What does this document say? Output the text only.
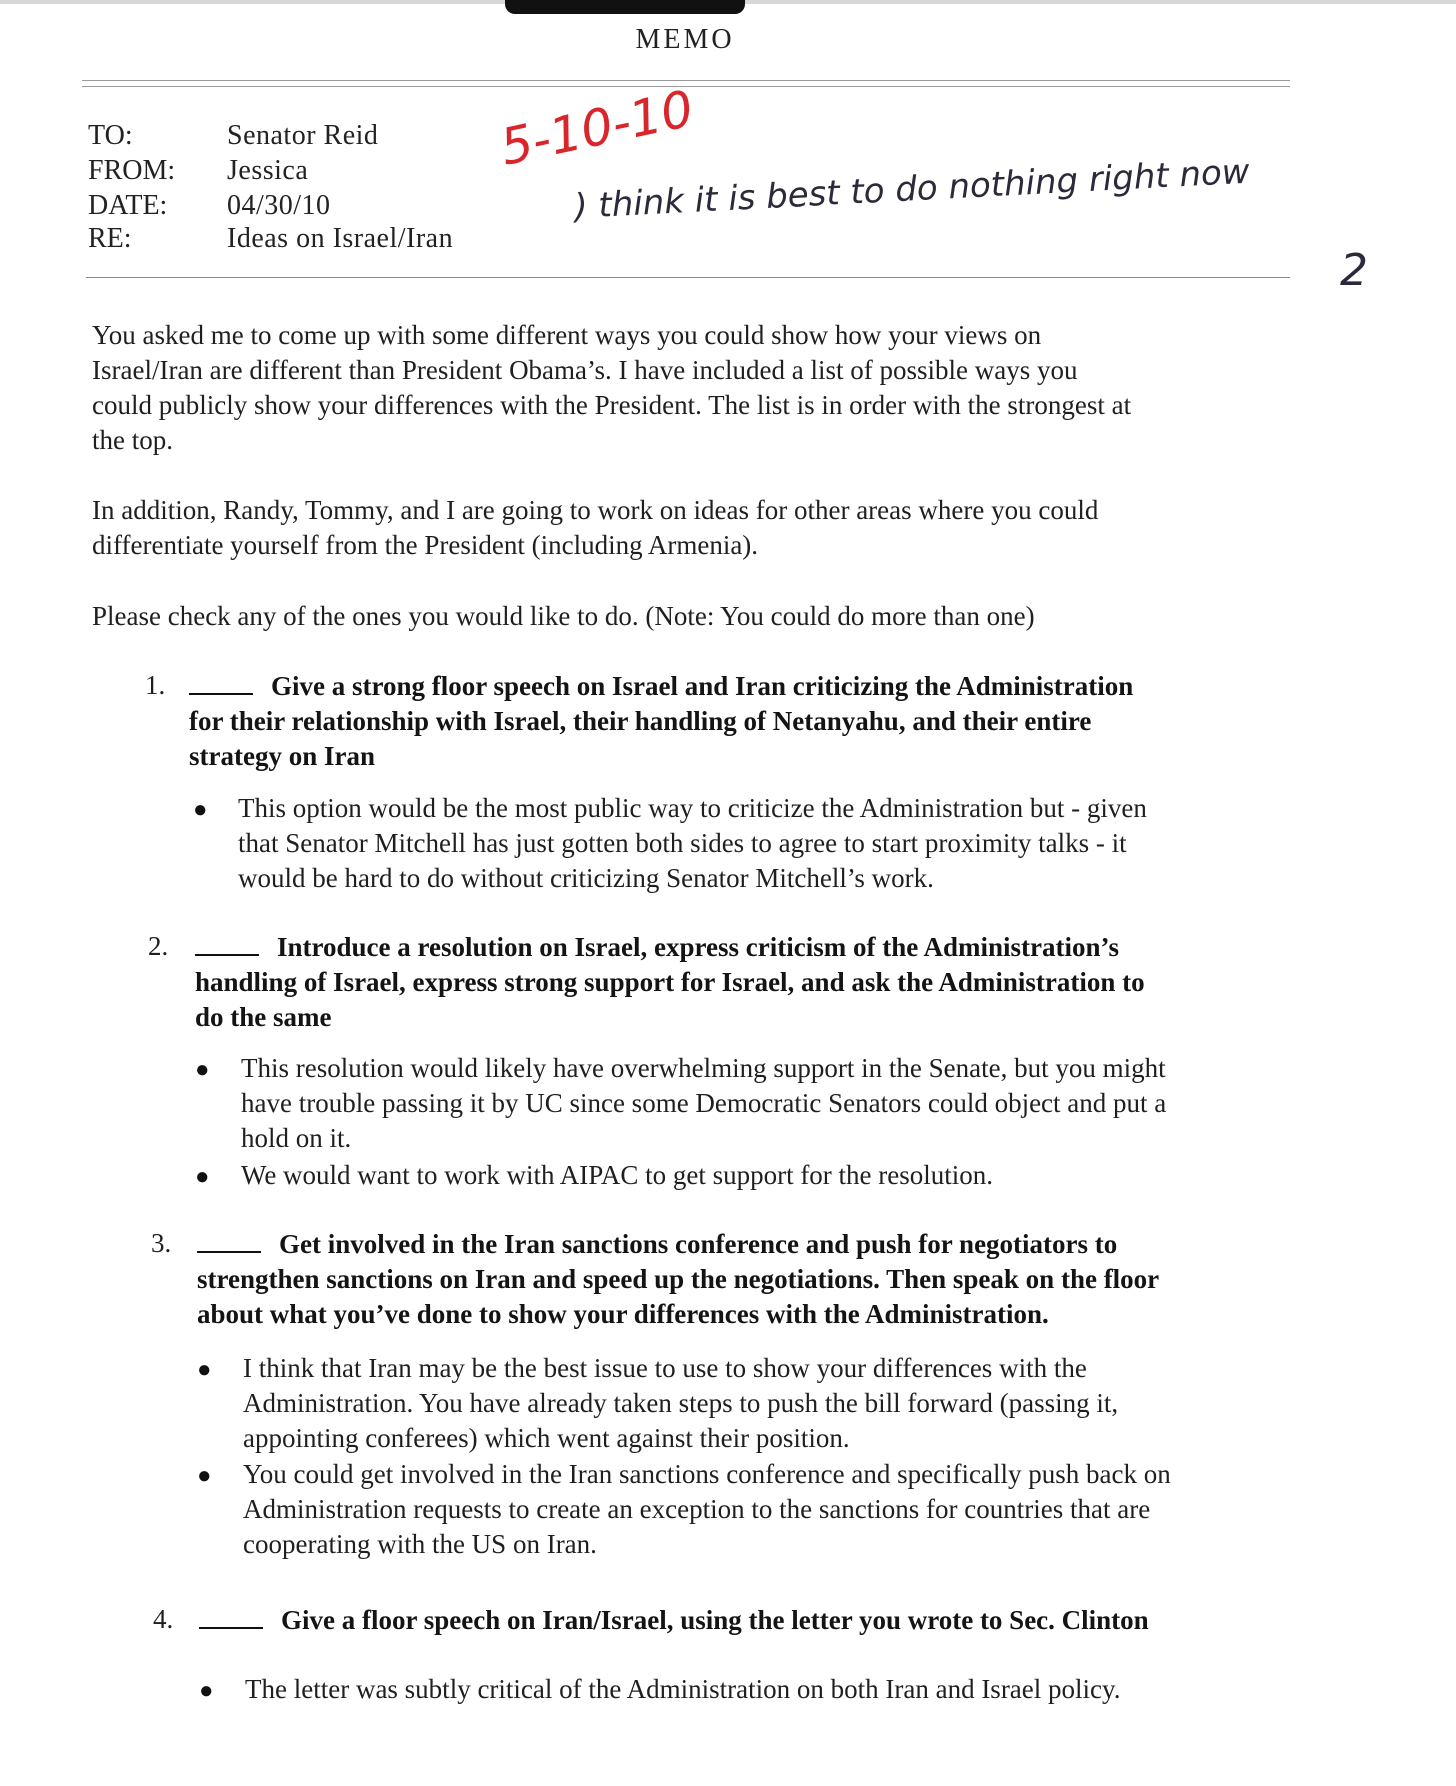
MEMO
TO:	Senator Reid
FROM: Jessica
DATE: 04/30/10
RE:	Ideas on Israel/Iran
5-10-10
) think it is best to do nothing right now
2
You asked me to come up with some different ways you could show how your views on
Israel/Iran are different than President Obama’s. I have included a list of possible ways you
could publicly show your differences with the President. The list is in order with the strongest at
the top.
In addition, Randy, Tommy, and I are going to work on ideas for other areas where you could
differentiate yourself from the President (including Armenia).
Please check any of the ones you would like to do. (Note: You could do more than one)
1.	Give a strong floor speech on Israel and Iran criticizing the Administration
for their relationship with Israel, their handling of Netanyahu, and their entire
strategy on Iran
● This option would be the most public way to criticize the Administration but - given
that Senator Mitchell has just gotten both sides to agree to start proximity talks - it
would be hard to do without criticizing Senator Mitchell’s work.
2.	Introduce a resolution on Israel, express criticism of the Administration’s
handling of Israel, express strong support for Israel, and ask the Administration to
do the same
● This resolution would likely have overwhelming support in the Senate, but you might
have trouble passing it by UC since some Democratic Senators could object and put a
hold on it.
● We would want to work with AIPAC to get support for the resolution.
3.	Get involved in the Iran sanctions conference and push for negotiators to
strengthen sanctions on Iran and speed up the negotiations. Then speak on the floor
about what you’ve done to show your differences with the Administration.
● I think that Iran may be the best issue to use to show your differences with the
Administration. You have already taken steps to push the bill forward (passing it,
appointing conferees) which went against their position.
● You could get involved in the Iran sanctions conference and specifically push back on
Administration requests to create an exception to the sanctions for countries that are
cooperating with the US on Iran.
4.	Give a floor speech on Iran/Israel, using the letter you wrote to Sec. Clinton
● The letter was subtly critical of the Administration on both Iran and Israel policy.
